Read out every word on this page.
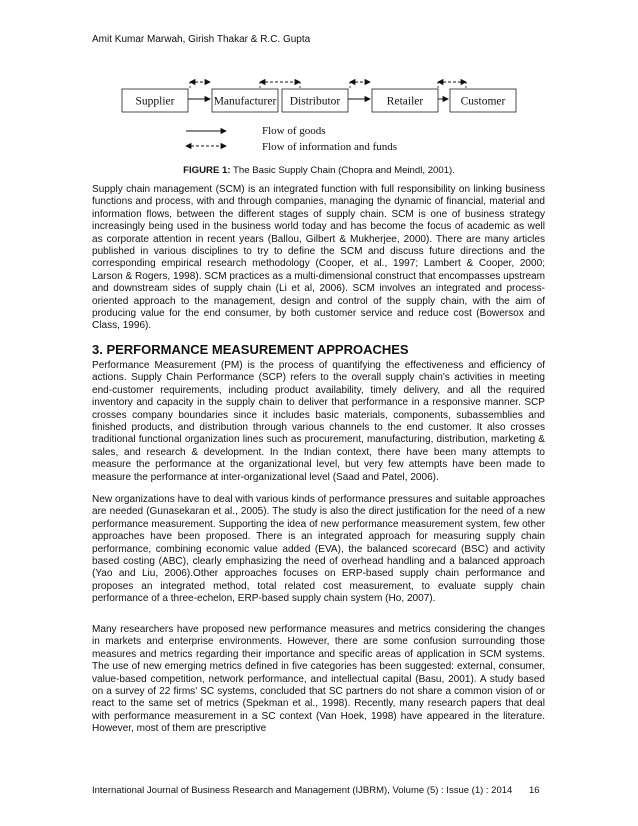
Amit Kumar Marwah, Girish Thakar & R.C. Gupta
Supplier	Manufacturer Distributor	Retailer	Customer
Flow of goods
Flow of information and funds
FIGURE 1: The Basic Supply Chain (Chopra and Meindl, 2001).

Supply chain management (SCM) is an integrated function with full responsibility on linking business functions and process, with and through companies, managing the dynamic of financial, material and information flows, between the different stages of supply chain. SCM is one of business strategy increasingly being used in the business world today and has become the focus of academic as well as corporate attention in recent years (Ballou, Gilbert & Mukherjee, 2000). There are many articles published in various disciplines to try to define the SCM and discuss future directions and the corresponding empirical research methodology (Cooper, et al., 1997; Lambert & Cooper, 2000; Larson & Rogers, 1998). SCM practices as a multi-dimensional construct that encompasses upstream and downstream sides of supply chain (Li et al, 2006). SCM involves an integrated and process-oriented approach to the management, design and control of the supply chain, with the aim of producing value for the end consumer, by both customer service and reduce cost (Bowersox and Class, 1996).

3. PERFORMANCE MEASUREMENT APPROACHES

Performance Measurement (PM) is the process of quantifying the effectiveness and efficiency of actions. Supply Chain Performance (SCP) refers to the overall supply chain's activities in meeting end-customer requirements, including product availability, timely delivery, and all the required inventory and capacity in the supply chain to deliver that performance in a responsive manner. SCP crosses company boundaries since it includes basic materials, components, subassemblies and finished products, and distribution through various channels to the end customer. It also crosses traditional functional organization lines such as procurement, manufacturing, distribution, marketing & sales, and research & development. In the Indian context, there have been many attempts to measure the performance at the organizational level, but very few attempts have been made to measure the performance at inter-organizational level (Saad and Patel, 2006).

New organizations have to deal with various kinds of performance pressures and suitable approaches are needed (Gunasekaran et al., 2005). The study is also the direct justification for the need of a new performance measurement. Supporting the idea of new performance measurement system, few other approaches have been proposed. There is an integrated approach for measuring supply chain performance, combining economic value added (EVA), the balanced scorecard (BSC) and activity based costing (ABC), clearly emphasizing the need of overhead handling and a balanced approach (Yao and Liu, 2006).Other approaches focuses on ERP-based supply chain performance and proposes an integrated method, total related cost measurement, to evaluate supply chain performance of a three-echelon, ERP-based supply chain system (Ho, 2007).

Many researchers have proposed new performance measures and metrics considering the changes in markets and enterprise environments. However, there are some confusion surrounding those measures and metrics regarding their importance and specific areas of application in SCM systems. The use of new emerging metrics defined in five categories has been suggested: external, consumer, value-based competition, network performance, and intellectual capital (Basu, 2001). A study based on a survey of 22 firms' SC systems, concluded that SC partners do not share a common vision of or react to the same set of metrics (Spekman et al., 1998). Recently, many research papers that deal with performance measurement in a SC context (Van Hoek, 1998) have appeared in the literature. However, most of them are prescriptive

International Journal of Business Research and Management (IJBRM), Volume (5) : Issue (1) : 2014 16
